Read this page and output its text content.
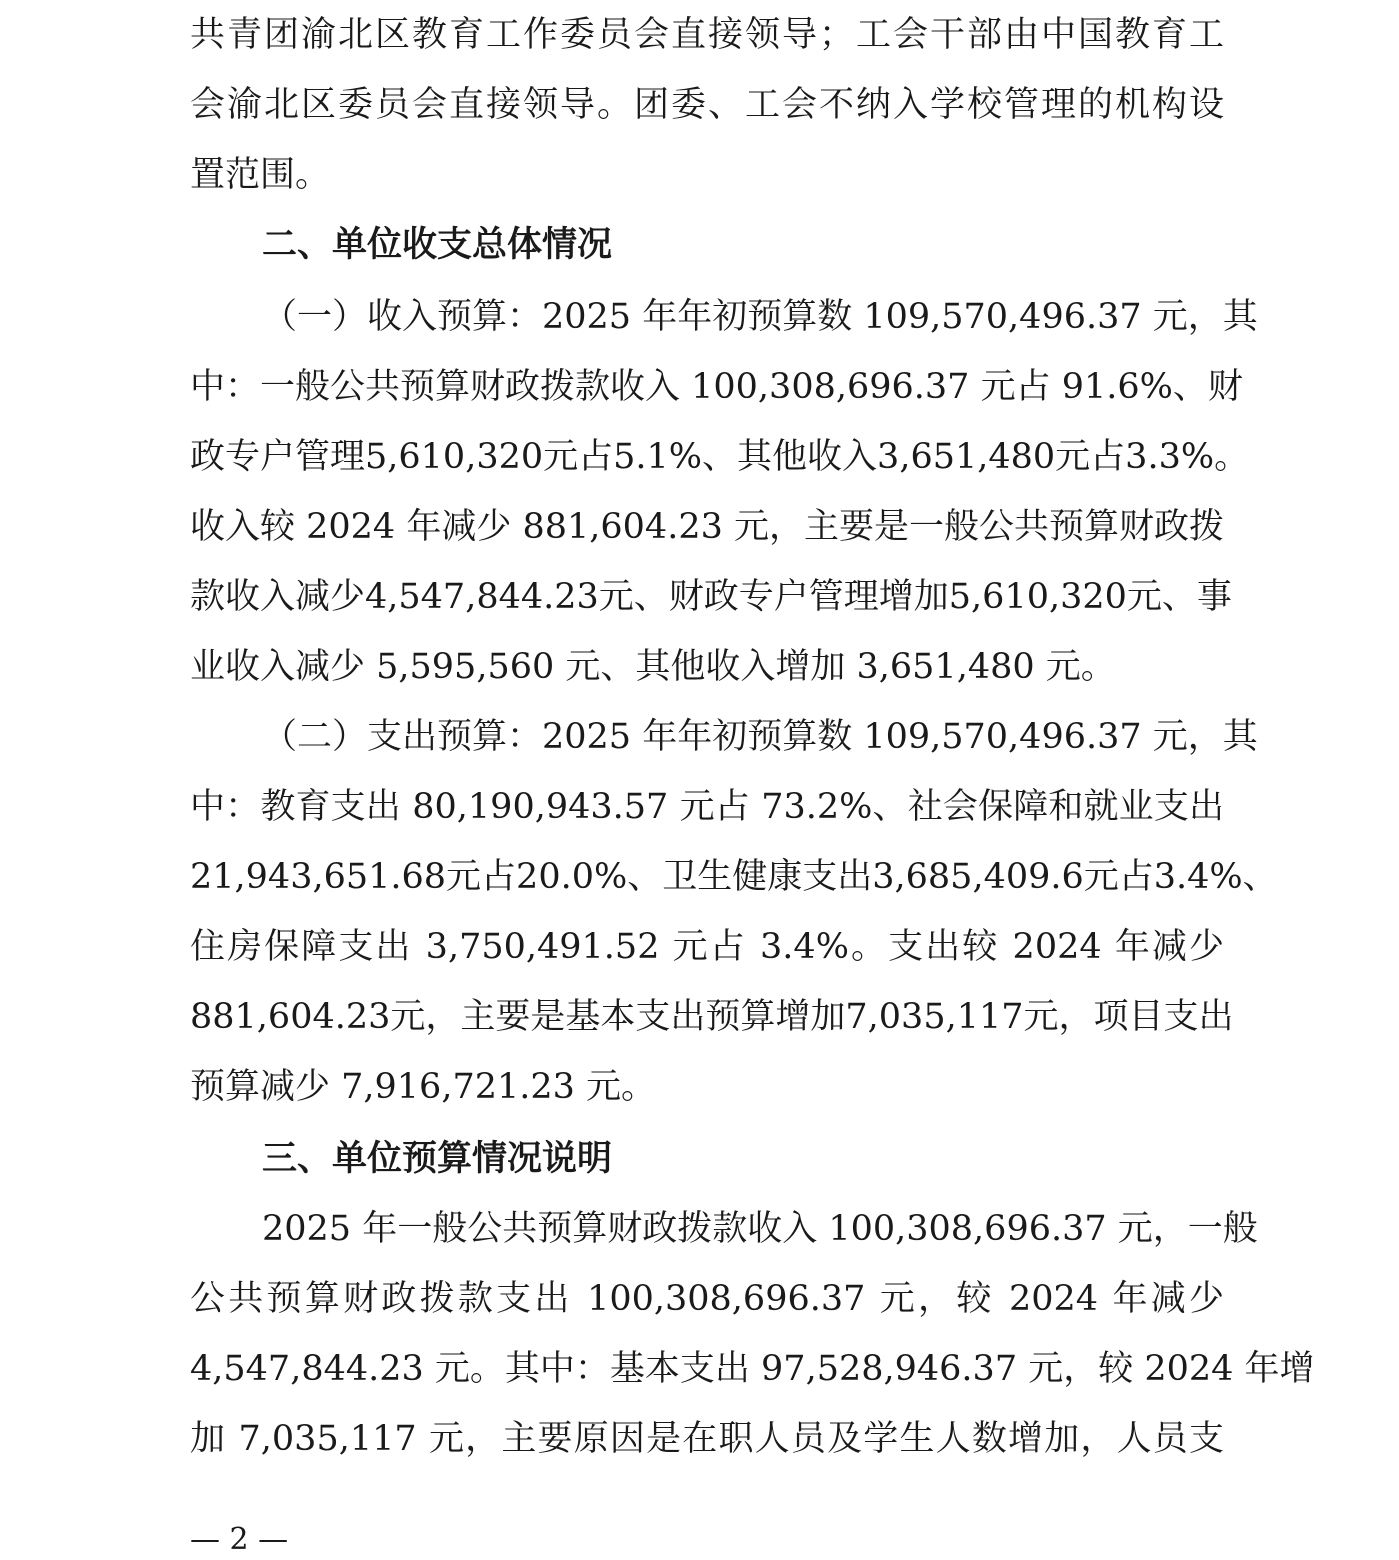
共青团渝北区教育工作委员会直接领导；工会干部由中国教育工
会渝北区委员会直接领导。团委、工会不纳入学校管理的机构设
置范围。
二、单位收支总体情况
（一）收入预算：2025 年年初预算数 109,570,496.37 元，其
中：一般公共预算财政拨款收入 100,308,696.37 元占 91.6%、财
政专户管理5,610,320元占5.1%、其他收入3,651,480元占3.3%。
收入较 2024 年减少 881,604.23 元，主要是一般公共预算财政拨
款收入减少4,547,844.23元、财政专户管理增加5,610,320元、事
业收入减少 5,595,560 元、其他收入增加 3,651,480 元。
（二）支出预算：2025 年年初预算数 109,570,496.37 元，其
中：教育支出 80,190,943.57 元占 73.2%、社会保障和就业支出
21,943,651.68元占20.0%、卫生健康支出3,685,409.6元占3.4%、
住房保障支出 3,750,491.52 元占 3.4%。支出较 2024 年减少
881,604.23元，主要是基本支出预算增加7,035,117元，项目支出
预算减少 7,916,721.23 元。
三、单位预算情况说明
2025 年一般公共预算财政拨款收入 100,308,696.37 元，一般
公共预算财政拨款支出 100,308,696.37 元，较 2024 年减少
4,547,844.23 元。其中：基本支出 97,528,946.37 元，较 2024 年增
加 7,035,117 元，主要原因是在职人员及学生人数增加，人员支
— 2 —
